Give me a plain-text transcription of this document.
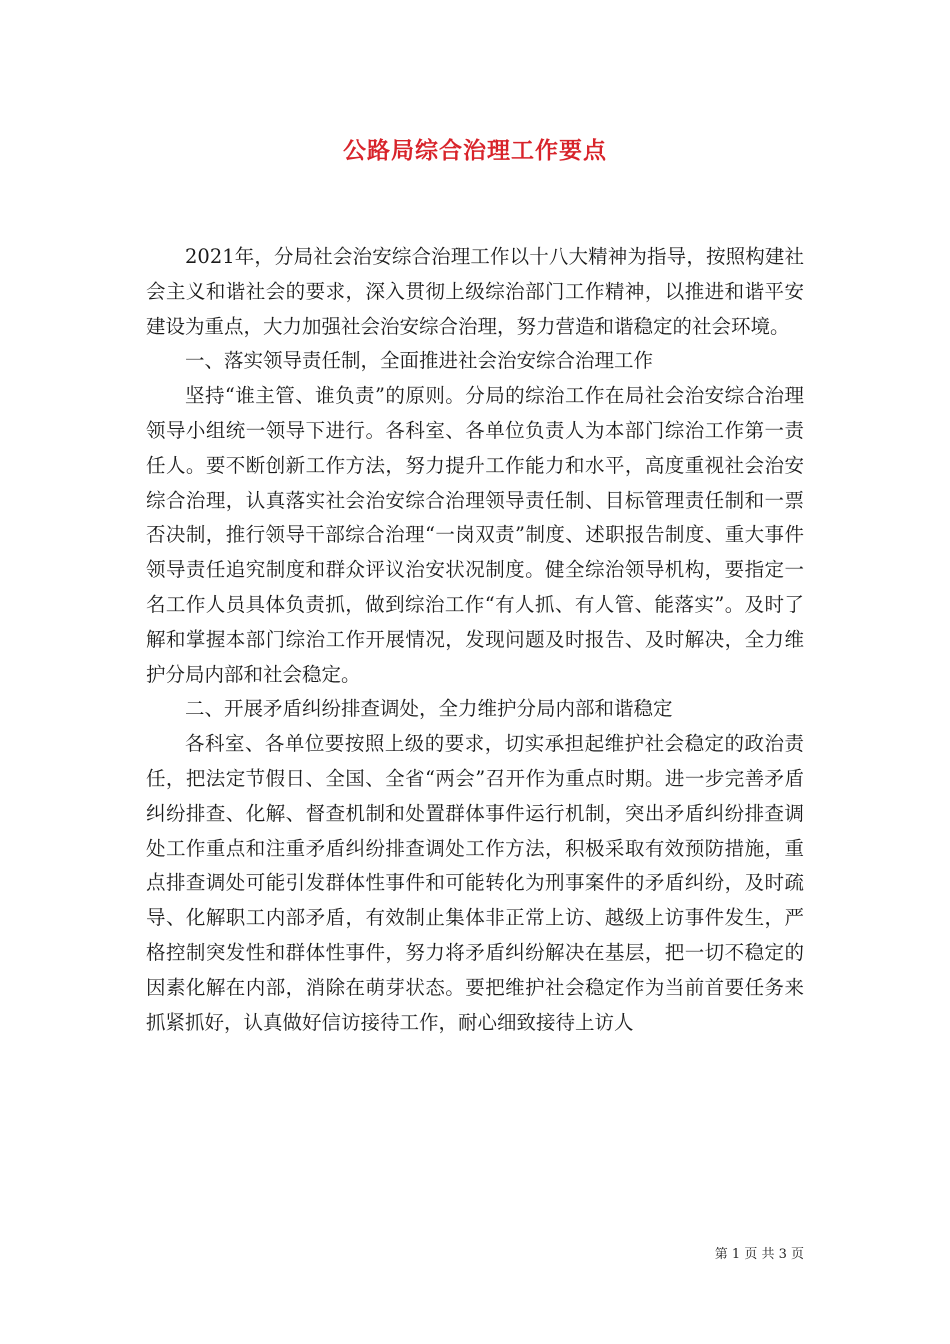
公路局综合治理工作要点

2021年，分局社会治安综合治理工作以十八大精神为指导，按照构建社会主义和谐社会的要求，深入贯彻上级综治部门工作精神，以推进和谐平安建设为重点，大力加强社会治安综合治理，努力营造和谐稳定的社会环境。

一、落实领导责任制，全面推进社会治安综合治理工作

坚持“谁主管、谁负责”的原则。分局的综治工作在局社会治安综合治理领导小组统一领导下进行。各科室、各单位负责人为本部门综治工作第一责任人。要不断创新工作方法，努力提升工作能力和水平，高度重视社会治安综合治理，认真落实社会治安综合治理领导责任制、目标管理责任制和一票否决制，推行领导干部综合治理“一岗双责”制度、述职报告制度、重大事件领导责任追究制度和群众评议治安状况制度。健全综治领导机构，要指定一名工作人员具体负责抓，做到综治工作“有人抓、有人管、能落实”。及时了解和掌握本部门综治工作开展情况，发现问题及时报告、及时解决，全力维护分局内部和社会稳定。

二、开展矛盾纠纷排查调处，全力维护分局内部和谐稳定

各科室、各单位要按照上级的要求，切实承担起维护社会稳定的政治责任，把法定节假日、全国、全省“两会”召开作为重点时期。进一步完善矛盾纠纷排查、化解、督查机制和处置群体事件运行机制，突出矛盾纠纷排查调处工作重点和注重矛盾纠纷排查调处工作方法，积极采取有效预防措施，重点排查调处可能引发群体性事件和可能转化为刑事案件的矛盾纠纷，及时疏导、化解职工内部矛盾，有效制止集体非正常上访、越级上访事件发生，严格控制突发性和群体性事件，努力将矛盾纠纷解决在基层，把一切不稳定的因素化解在内部，消除在萌芽状态。要把维护社会稳定作为当前首要任务来抓紧抓好，认真做好信访接待工作，耐心细致接待上访人

第 1 页 共 3 页
